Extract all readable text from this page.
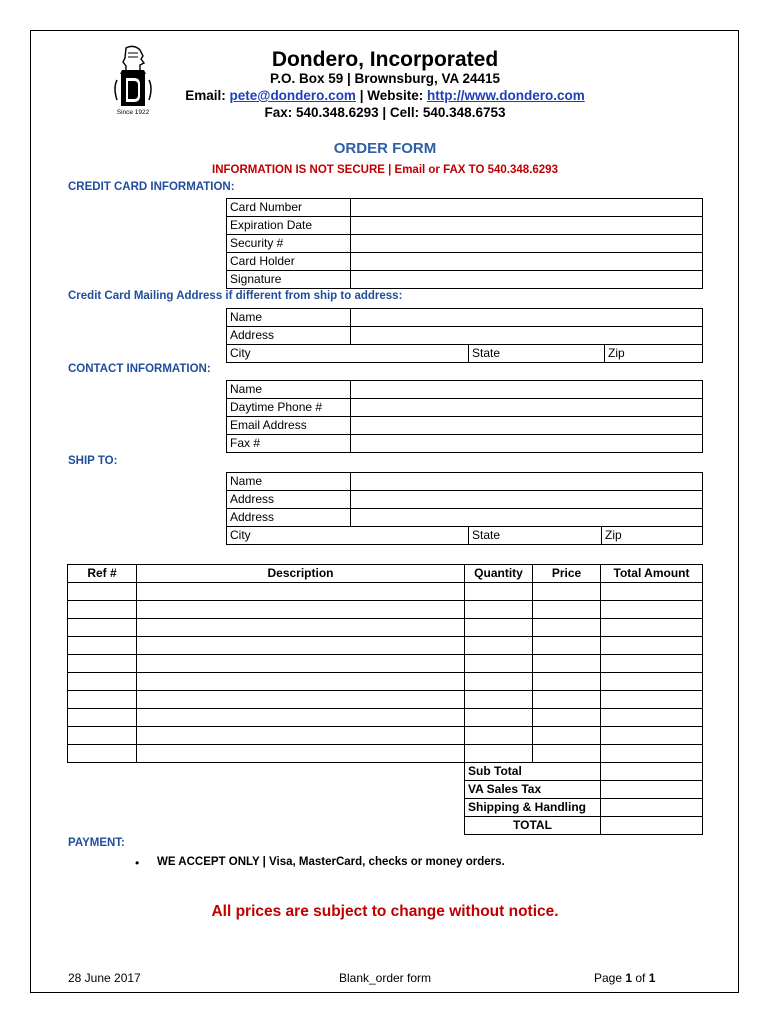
Since 1922
Dondero, Incorporated
P.O. Box 59 | Brownsburg, VA 24415
Email: pete@dondero.com | Website: http://www.dondero.com
Fax: 540.348.6293 | Cell: 540.348.6753
ORDER FORM
INFORMATION IS NOT SECURE | Email or FAX TO 540.348.6293
CREDIT CARD INFORMATION:
Card Number	
Expiration Date	
Security #	
Card Holder	
Signature	
Credit Card Mailing Address if different from ship to address:
Name			
Address			
City		State	Zip
CONTACT INFORMATION:
Name	
Daytime Phone #	
Email Address	
Fax #	
SHIP TO:
Name			
Address			
Address			
City		State	Zip
Ref #	Description	Quantity	Price	Total Amount

		Sub Total		
		VA Sales Tax		
		Shipping & Handling		
		TOTAL		
PAYMENT:
• WE ACCEPT ONLY | Visa, MasterCard, checks or money orders.
All prices are subject to change without notice.
28 June 2017	Blank_order form	Page 1 of 1
